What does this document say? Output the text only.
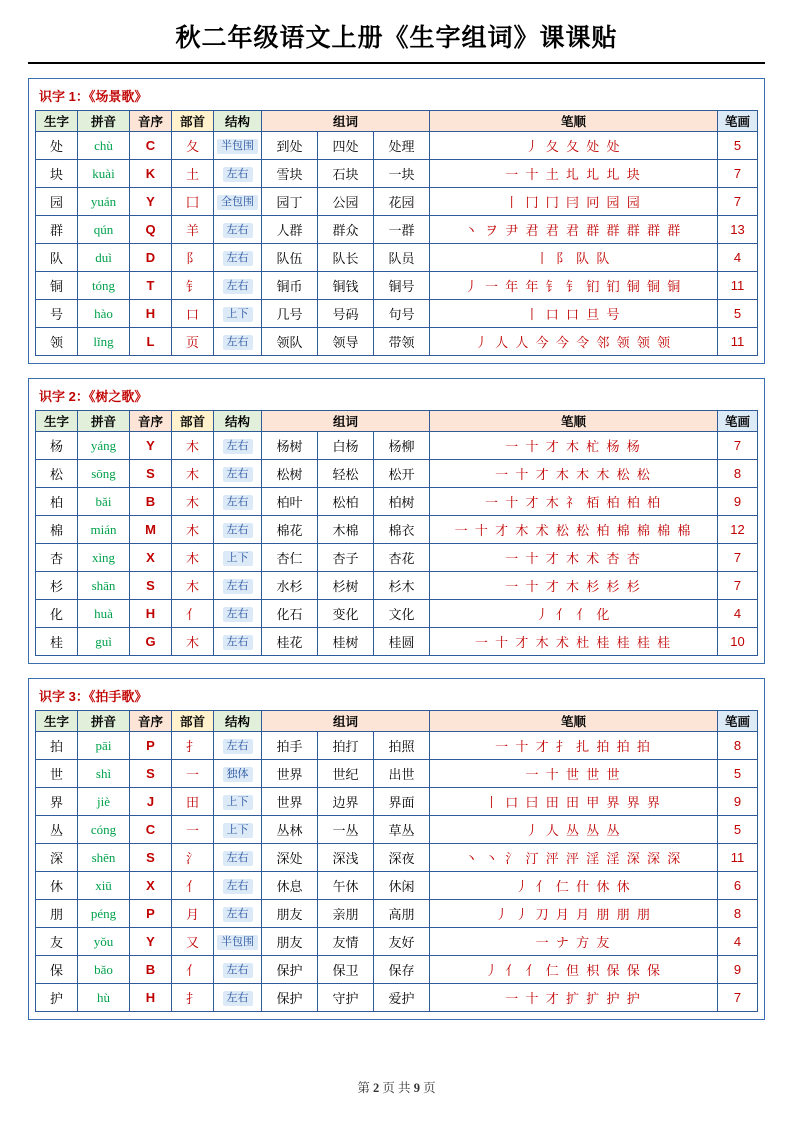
秋二年级语文上册《生字组词》课课贴
识字 1：《场景歌》
生字	拼音	音序	部首	结构	组词			笔顺	笔画
处	chù	C	夂	半包围	到处	四处	处理	丿 夂 夂 处 处	5
块	kuài	K	土	左右	雪块	石块	一块	一 十 土 圠 圠 圠 块	7
园	yuán	Y	囗	全包围	园丁	公园	花园	丨 冂 冂 冃 冋 园 园	7
群	qún	Q	羊	左右	人群	群众	一群	丶 ヲ 尹 君 君 君 群 群 群 群 群	13
队	duì	D	阝	左右	队伍	队长	队员	丨 阝 队 队	4
铜	tóng	T	钅	左右	铜币	铜钱	铜号	丿 一 年 年 钅 钅 钔 钔 铜 铜 铜	11
号	hào	H	口	上下	几号	号码	句号	丨 口 口 旦 号	5
领	lǐng	L	页	左右	领队	领导	带领	丿 人 人 今 今 令 邻 领 领 领	11
识字 2：《树之歌》
生字	拼音	音序	部首	结构	组词			笔顺	笔画
杨	yáng	Y	木	左右	杨树	白杨	杨柳	一 十 才 木 杧 杨 杨	7
松	sōng	S	木	左右	松树	轻松	松开	一 十 才 木 木 木 松 松	8
柏	bǎi	B	木	左右	柏叶	松柏	柏树	一 十 才 木 礻 栢 柏 柏 柏	9
棉	mián	M	木	左右	棉花	木棉	棉衣	一 十 才 木 术 松 松 柏 棉 棉 棉 棉	12
杏	xìng	X	木	上下	杏仁	杏子	杏花	一 十 才 木 术 杏 杏	7
杉	shān	S	木	左右	水杉	杉树	杉木	一 十 才 木 杉 杉 杉	7
化	huà	H	亻	左右	化石	变化	文化	丿 亻 亻 化	4
桂	guì	G	木	左右	桂花	桂树	桂圆	一 十 才 木 术 杜 桂 桂 桂 桂	10
识字 3：《拍手歌》
生字	拼音	音序	部首	结构	组词			笔顺	笔画
拍	pāi	P	扌	左右	拍手	拍打	拍照	一 十 才 扌 扎 拍 拍 拍	8
世	shì	S	一	独体	世界	世纪	出世	一 十 世 世 世	5
界	jiè	J	田	上下	世界	边界	界面	丨 口 曰 田 田 甲 界 界 界	9
丛	cóng	C	一	上下	丛林	一丛	草丛	丿 人 丛 丛 丛	5
深	shēn	S	氵	左右	深处	深浅	深夜	丶 丶 氵 汀 泙 泙 淫 淫 深 深 深	11
休	xiū	X	亻	左右	休息	午休	休闲	丿 亻 仁 什 休 休	6
朋	péng	P	月	左右	朋友	亲朋	高朋	丿 丿 刀 月 月 朋 朋 朋	8
友	yǒu	Y	又	半包围	朋友	友情	友好	一 ナ 方 友	4
保	bǎo	B	亻	左右	保护	保卫	保存	丿 亻 亻 仁 但 枳 保 保 保	9
护	hù	H	扌	左右	保护	守护	爱护	一 十 才 扩 扩 护 护	7
第 2 页 共 9 页
